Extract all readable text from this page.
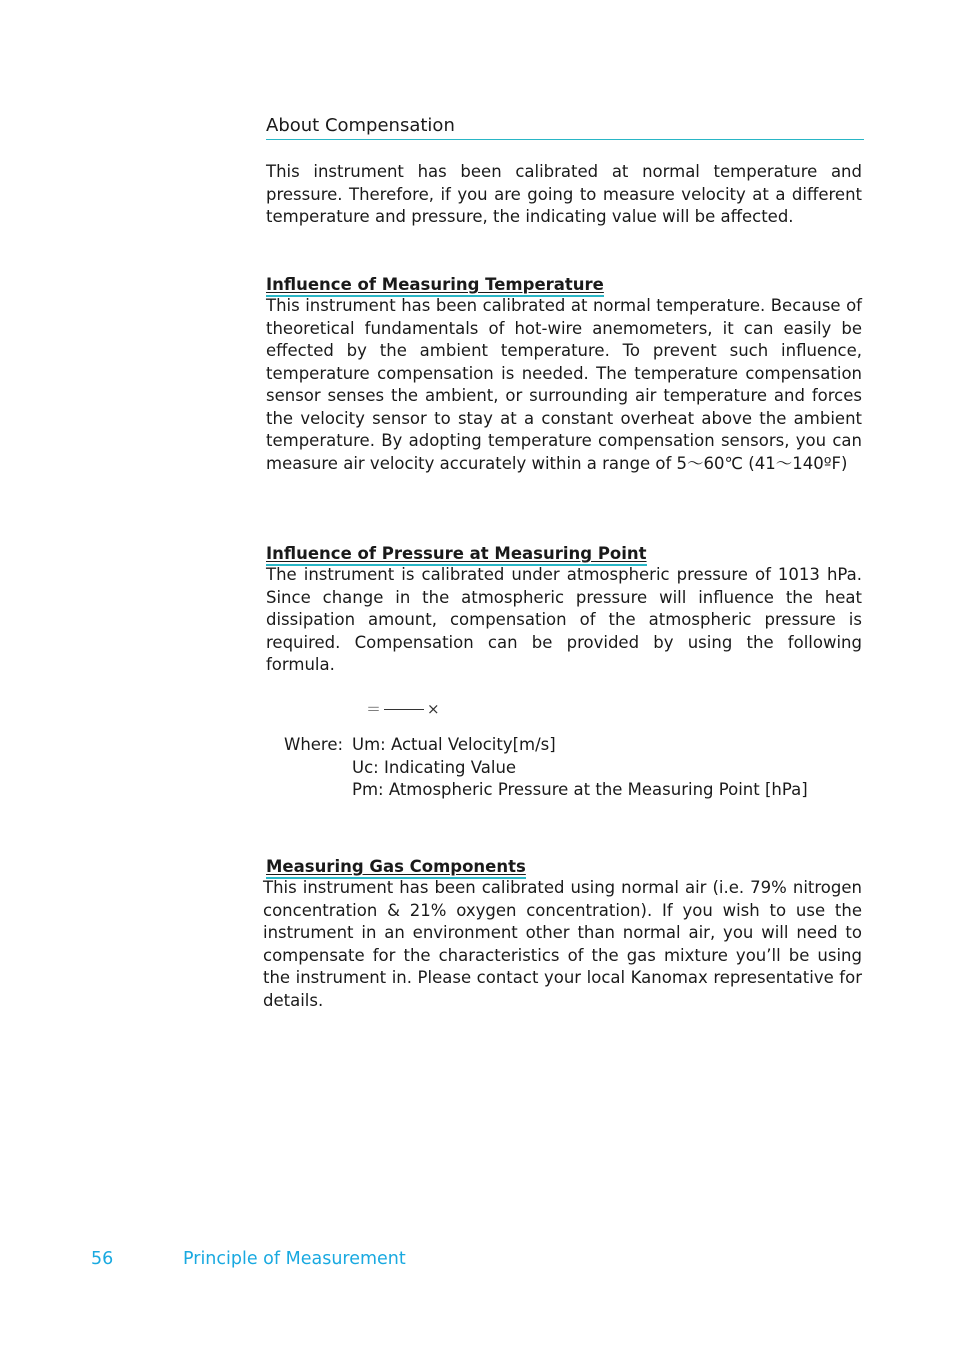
About Compensation

This instrument has been calibrated at normal temperature and pressure. Therefore, if you are going to measure velocity at a different temperature and pressure, the indicating value will be affected.

Influence of Measuring Temperature

This instrument has been calibrated at normal temperature. Because of theoretical fundamentals of hot-wire anemometers, it can easily be effected by the ambient temperature. To prevent such influence, temperature compensation is needed. The temperature compensation sensor senses the ambient, or surrounding air temperature and forces the velocity sensor to stay at a constant overheat above the ambient temperature. By adopting temperature compensation sensors, you can measure air velocity accurately within a range of 5～60℃ (41～140ºF)

Influence of Pressure at Measuring Point

The instrument is calibrated under atmospheric pressure of 1013 hPa. Since change in the atmospheric pressure will influence the heat dissipation amount, compensation of the atmospheric pressure is required. Compensation can be provided by using the following formula.

＝	×
Where: Um: Actual Velocity[m/s]
Uc: Indicating Value
Pm: Atmospheric Pressure at the Measuring Point [hPa]
Measuring Gas Components

This instrument has been calibrated using normal air (i.e. 79% nitrogen concentration & 21% oxygen concentration). If you wish to use the instrument in an environment other than normal air, you will need to compensate for the characteristics of the gas mixture you’ll be using the instrument in. Please contact your local Kanomax representative for details.

56	Principle of Measurement
